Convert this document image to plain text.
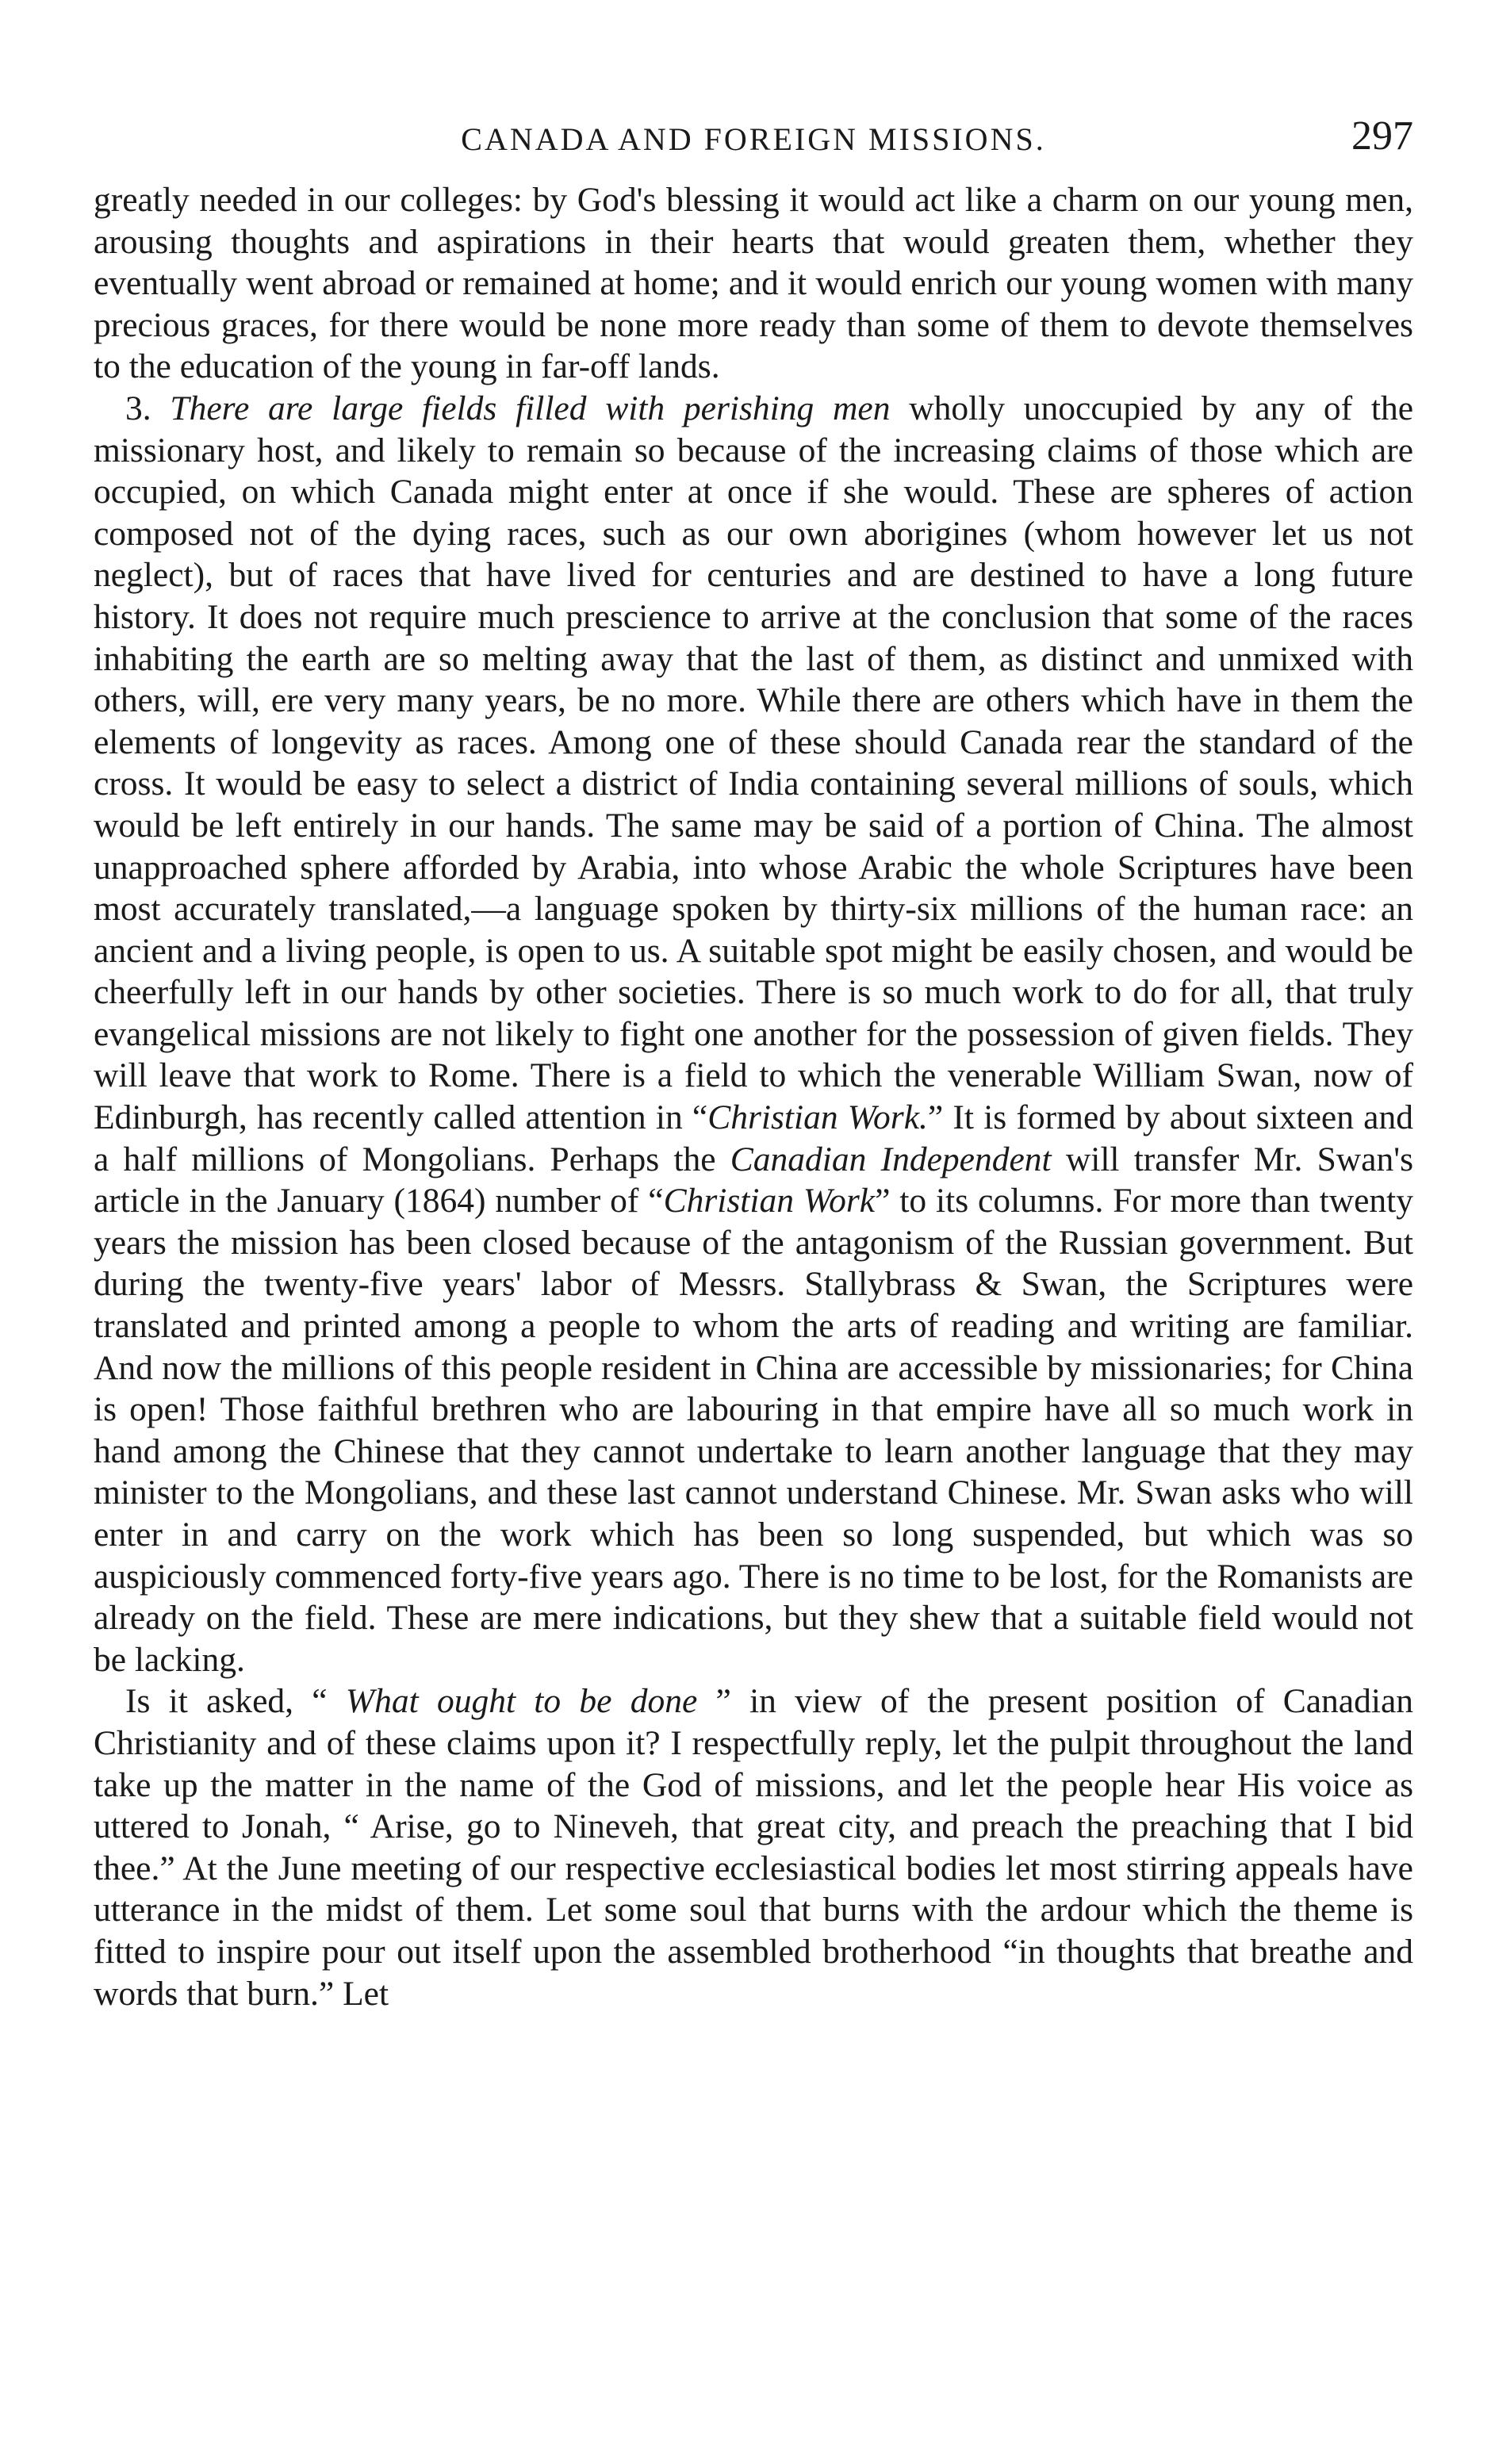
CANADA AND FOREIGN MISSIONS.	297

greatly needed in our colleges: by God's blessing it would act like a charm on our young men, arousing thoughts and aspirations in their hearts that would greaten them, whether they eventually went abroad or remained at home; and it would enrich our young women with many precious graces, for there would be none more ready than some of them to devote themselves to the education of the young in far-off lands.

3. There are large fields filled with perishing men wholly unoccupied by any of the missionary host, and likely to remain so because of the increasing claims of those which are occupied, on which Canada might enter at once if she would. These are spheres of action composed not of the dying races, such as our own aborigines (whom however let us not neglect), but of races that have lived for centuries and are destined to have a long future history. It does not require much prescience to arrive at the conclusion that some of the races inhabiting the earth are so melting away that the last of them, as distinct and unmixed with others, will, ere very many years, be no more. While there are others which have in them the elements of longevity as races. Among one of these should Canada rear the standard of the cross. It would be easy to select a district of India containing several millions of souls, which would be left entirely in our hands. The same may be said of a portion of China. The almost unapproached sphere afforded by Arabia, into whose Arabic the whole Scriptures have been most accurately translated,—a language spoken by thirty-six millions of the human race: an ancient and a living people, is open to us. A suitable spot might be easily chosen, and would be cheerfully left in our hands by other societies. There is so much work to do for all, that truly evangelical missions are not likely to fight one another for the possession of given fields. They will leave that work to Rome. There is a field to which the venerable William Swan, now of Edinburgh, has recently called attention in “Christian Work.” It is formed by about sixteen and a half millions of Mongolians. Perhaps the Canadian Independent will transfer Mr. Swan's article in the January (1864) number of “Christian Work” to its columns. For more than twenty years the mission has been closed because of the antagonism of the Russian government. But during the twenty-five years' labor of Messrs. Stallybrass & Swan, the Scriptures were translated and printed among a people to whom the arts of reading and writing are familiar. And now the millions of this people resident in China are accessible by missionaries; for China is open! Those faithful brethren who are labouring in that empire have all so much work in hand among the Chinese that they cannot undertake to learn another language that they may minister to the Mongolians, and these last cannot understand Chinese. Mr. Swan asks who will enter in and carry on the work which has been so long suspended, but which was so auspiciously commenced forty-five years ago. There is no time to be lost, for the Romanists are already on the field. These are mere indications, but they shew that a suitable field would not be lacking.

Is it asked, “ What ought to be done ” in view of the present position of Canadian Christianity and of these claims upon it? I respectfully reply, let the pulpit throughout the land take up the matter in the name of the God of missions, and let the people hear His voice as uttered to Jonah, “ Arise, go to Nineveh, that great city, and preach the preaching that I bid thee.” At the June meeting of our respective ecclesiastical bodies let most stirring appeals have utterance in the midst of them. Let some soul that burns with the ardour which the theme is fitted to inspire pour out itself upon the assembled brotherhood “in thoughts that breathe and words that burn.” Let
